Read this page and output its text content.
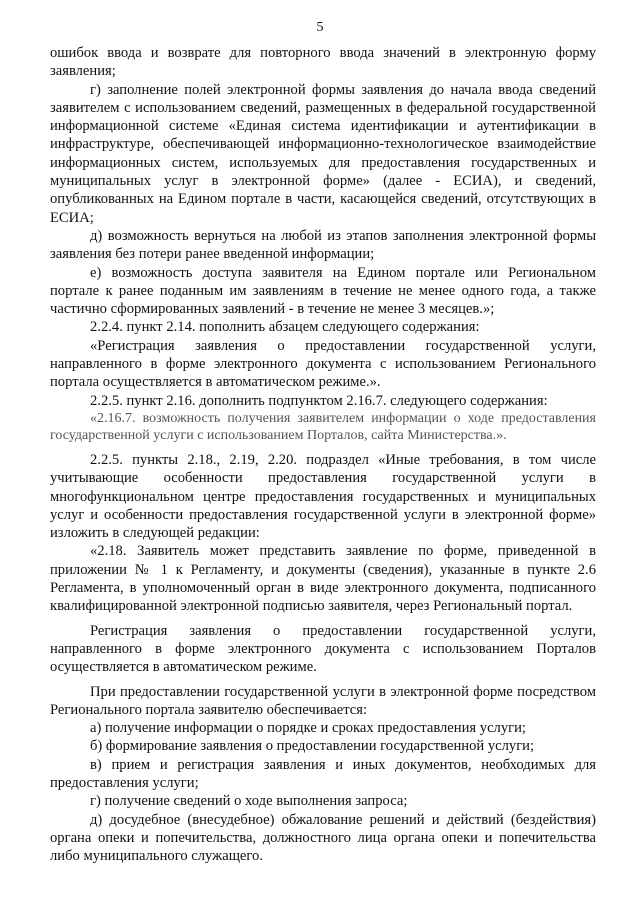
5

ошибок ввода и возврате для повторного ввода значений в электронную форму заявления;

г) заполнение полей электронной формы заявления до начала ввода сведений заявителем с использованием сведений, размещенных в федеральной государственной информационной системе «Единая система идентификации и аутентификации в инфраструктуре, обеспечивающей информационно-технологическое взаимодействие информационных систем, используемых для предоставления государственных и муниципальных услуг в электронной форме» (далее - ЕСИА), и сведений, опубликованных на Едином портале в части, касающейся сведений, отсутствующих в ЕСИА;

д) возможность вернуться на любой из этапов заполнения электронной формы заявления без потери ранее введенной информации;

е) возможность доступа заявителя на Едином портале или Региональном портале к ранее поданным им заявлениям в течение не менее одного года, а также частично сформированных заявлений - в течение не менее 3 месяцев.»;

2.2.4. пункт 2.14. пополнить абзацем следующего содержания:

«Регистрация заявления о предоставлении государственной услуги, направленного в форме электронного документа с использованием Регионального портала осуществляется в автоматическом режиме.».

2.2.5. пункт 2.16. дополнить подпунктом 2.16.7. следующего содержания:

«2.16.7. возможность получения заявителем информации о ходе предоставления государственной услуги с использованием Порталов, сайта Министерства.».

2.2.5. пункты 2.18., 2.19, 2.20. подраздел «Иные требования, в том числе учитывающие особенности предоставления государственной услуги в многофункциональном центре предоставления государственных и муниципальных услуг и особенности предоставления государственной услуги в электронной форме» изложить в следующей редакции:

«2.18. Заявитель может представить заявление по форме, приведенной в приложении № 1 к Регламенту, и документы (сведения), указанные в пункте 2.6 Регламента, в уполномоченный орган в виде электронного документа, подписанного квалифицированной электронной подписью заявителя, через Региональный портал.

Регистрация заявления о предоставлении государственной услуги, направленного в форме электронного документа с использованием Порталов осуществляется в автоматическом режиме.

При предоставлении государственной услуги в электронной форме посредством Регионального портала заявителю обеспечивается:

а) получение информации о порядке и сроках предоставления услуги;

б) формирование заявления о предоставлении государственной услуги;

в) прием и регистрация заявления и иных документов, необходимых для предоставления услуги;

г) получение сведений о ходе выполнения запроса;

д) досудебное (внесудебное) обжалование решений и действий (бездействия) органа опеки и попечительства, должностного лица органа опеки и попечительства либо муниципального служащего.
